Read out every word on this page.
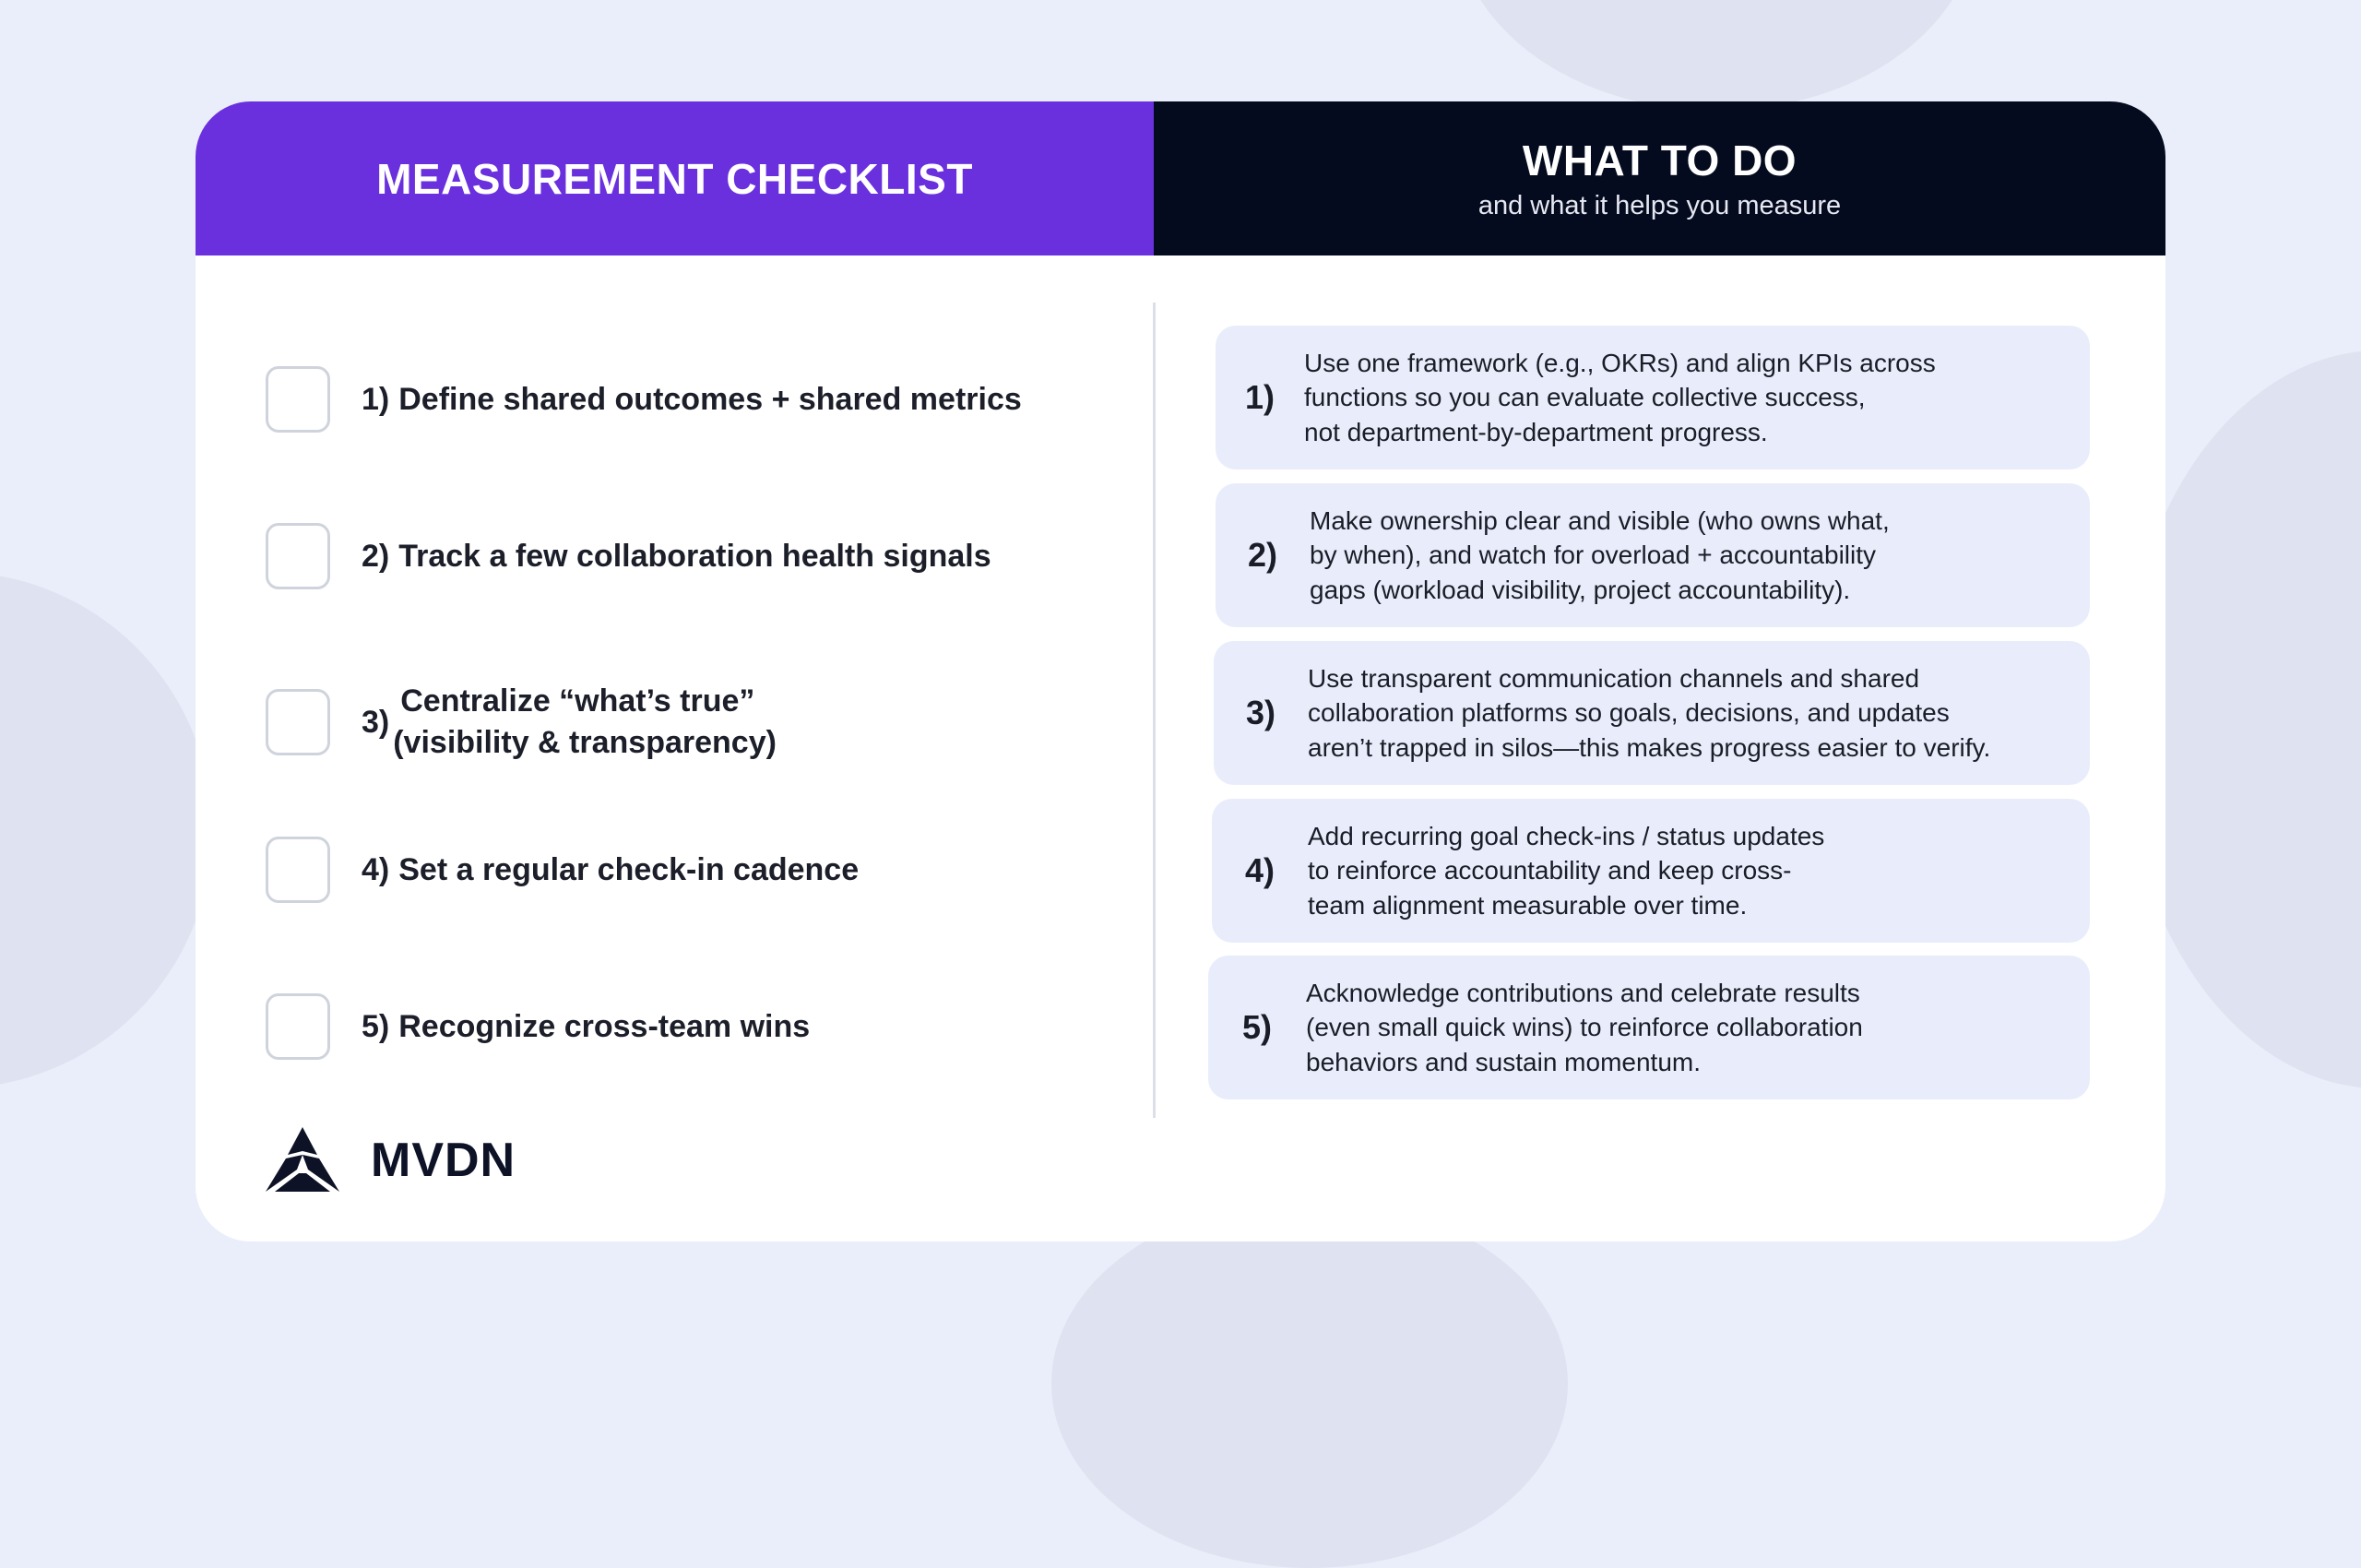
MEASUREMENT CHECKLIST	WHAT TO DO
and what it helps you measure
1) Define shared outcomes + shared metrics
2) Track a few collaboration health signals
3)
Centralize “what’s true”
(visibility & transparency)
4) Set a regular check-in cadence
5) Recognize cross-team wins
1)
Use one framework (e.g., OKRs) and align KPIs across
functions so you can evaluate collective success,
not department-by-department progress.
2)
Make ownership clear and visible (who owns what,
by when), and watch for overload + accountability
gaps (workload visibility, project accountability).
3)
Use transparent communication channels and shared
collaboration platforms so goals, decisions, and updates
aren’t trapped in silos—this makes progress easier to verify.
4)
Add recurring goal check-ins / status updates
to reinforce accountability and keep cross-
team alignment measurable over time.
5)
Acknowledge contributions and celebrate results
(even small quick wins) to reinforce collaboration
behaviors and sustain momentum.
MVDN
